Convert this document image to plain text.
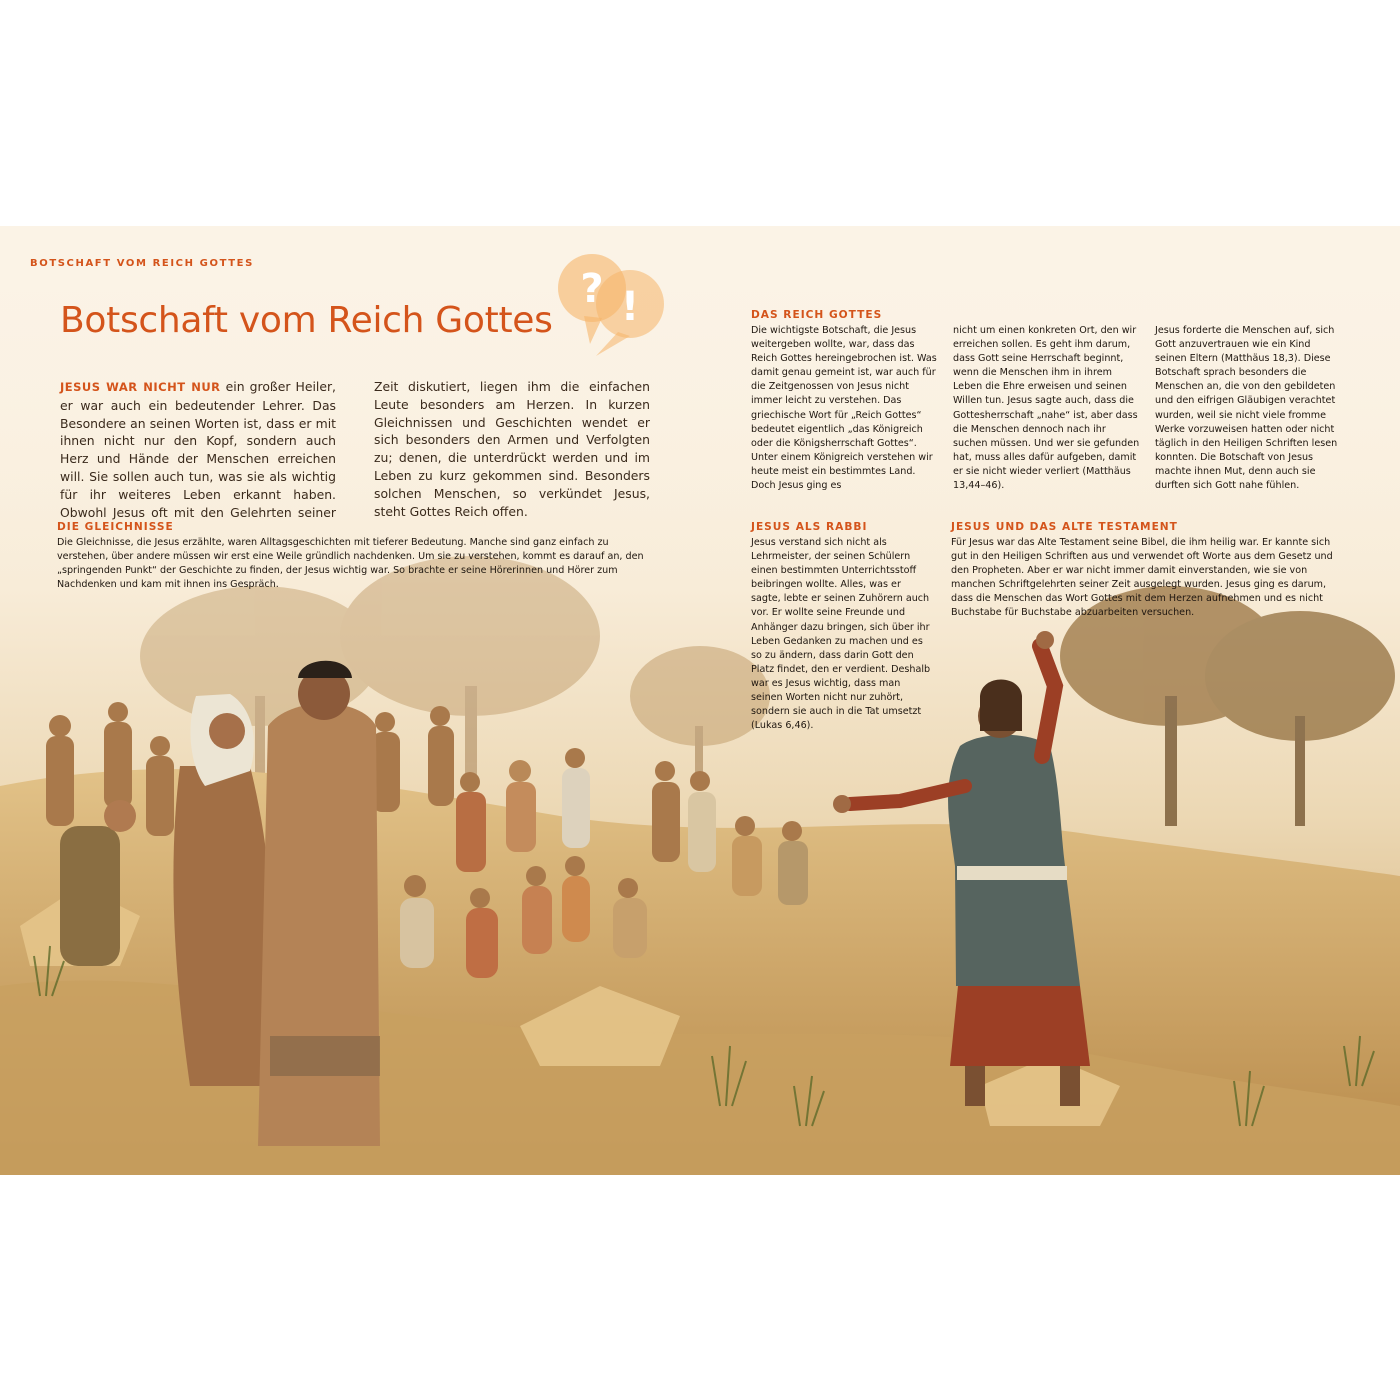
BOTSCHAFT VOM REICH GOTTES
Botschaft vom Reich Gottes
? !
JESUS WAR NICHT NUR ein großer Heiler, er war auch ein bedeutender Lehrer. Das Besondere an seinen Worten ist, dass er mit ihnen nicht nur den Kopf, sondern auch Herz und Hände der Menschen erreichen will. Sie sollen auch tun, was sie als wichtig für ihr weiteres Leben erkannt haben. Obwohl Jesus oft mit den Gelehrten seiner Zeit diskutiert, liegen ihm die einfachen Leute besonders am Herzen. In kurzen Gleichnissen und Geschichten wendet er sich besonders den Armen und Verfolgten zu; denen, die unterdrückt werden und im Leben zu kurz gekommen sind. Besonders solchen Menschen, so verkündet Jesus, steht Gottes Reich offen.
DIE GLEICHNISSE
Die Gleichnisse, die Jesus erzählte, waren Alltagsgeschichten mit tieferer Bedeutung. Manche sind ganz einfach zu verstehen, über andere müssen wir erst eine Weile gründlich nachdenken. Um sie zu verstehen, kommt es darauf an, den „springenden Punkt“ der Geschichte zu finden, der Jesus wichtig war. So brachte er seine Hörerinnen und Hörer zum Nachdenken und kam mit ihnen ins Gespräch.
DAS REICH GOTTES
Die wichtigste Botschaft, die Jesus weitergeben wollte, war, dass das Reich Gottes hereingebrochen ist. Was damit genau gemeint ist, war auch für die Zeitgenossen von Jesus nicht immer leicht zu verstehen. Das griechische Wort für „Reich Gottes“ bedeutet eigentlich „das Königreich oder die Königsherrschaft Gottes“. Unter einem Königreich verstehen wir heute meist ein bestimmtes Land. Doch Jesus ging es
nicht um einen konkreten Ort, den wir erreichen sollen. Es geht ihm darum, dass Gott seine Herrschaft beginnt, wenn die Menschen ihm in ihrem Leben die Ehre erweisen und seinen Willen tun. Jesus sagte auch, dass die Gottesherrschaft „nahe“ ist, aber dass die Menschen dennoch nach ihr suchen müssen. Und wer sie gefunden hat, muss alles dafür aufgeben, damit er sie nicht wieder verliert (Matthäus 13,44–46).
Jesus forderte die Menschen auf, sich Gott anzuvertrauen wie ein Kind seinen Eltern (Matthäus 18,3). Diese Botschaft sprach besonders die Menschen an, die von den gebildeten und den eifrigen Gläubigen verachtet wurden, weil sie nicht viele fromme Werke vorzuweisen hatten oder nicht täglich in den Heiligen Schriften lesen konnten. Die Botschaft von Jesus machte ihnen Mut, denn auch sie durften sich Gott nahe fühlen.
JESUS ALS RABBI
Jesus verstand sich nicht als Lehrmeister, der seinen Schülern einen bestimmten Unterrichtsstoff beibringen wollte. Alles, was er sagte, lebte er seinen Zuhörern auch vor. Er wollte seine Freunde und Anhänger dazu bringen, sich über ihr Leben Gedanken zu machen und es so zu ändern, dass darin Gott den Platz findet, den er verdient. Deshalb war es Jesus wichtig, dass man seinen Worten nicht nur zuhört, sondern sie auch in die Tat umsetzt (Lukas 6,46).
JESUS UND DAS ALTE TESTAMENT
Für Jesus war das Alte Testament seine Bibel, die ihm heilig war. Er kannte sich gut in den Heiligen Schriften aus und verwendet oft Worte aus dem Gesetz und den Propheten. Aber er war nicht immer damit einverstanden, wie sie von manchen Schriftgelehrten seiner Zeit ausgelegt wurden. Jesus ging es darum, dass die Menschen das Wort Gottes mit dem Herzen aufnehmen und es nicht Buchstabe für Buchstabe abzuarbeiten versuchen.
